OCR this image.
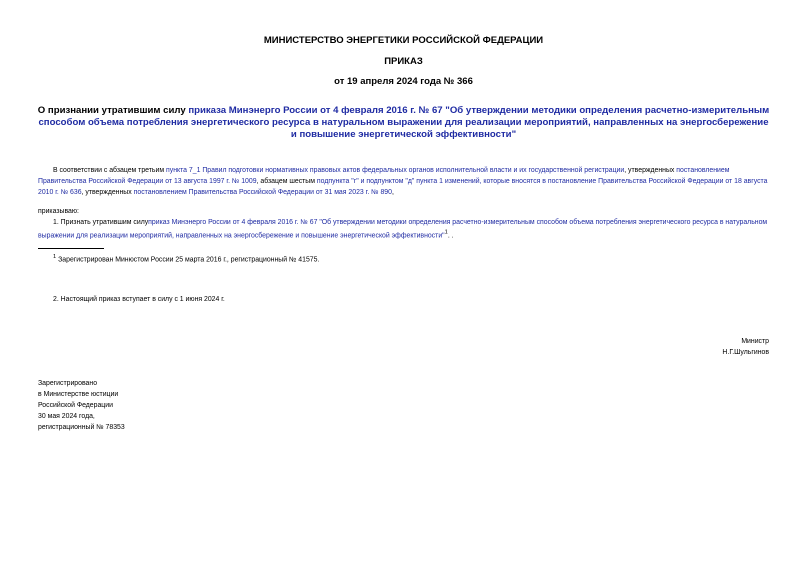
МИНИСТЕРСТВО ЭНЕРГЕТИКИ РОССИЙСКОЙ ФЕДЕРАЦИИ
ПРИКАЗ
от 19 апреля 2024 года № 366
О признании утратившим силу приказа Минэнерго России от 4 февраля 2016 г. № 67 "Об утверждении методики определения расчетно-измерительным способом объема потребления энергетического ресурса в натуральном выражении для реализации мероприятий, направленных на энергосбережение и повышение энергетической эффективности"
В соответствии с абзацем третьим пункта 7_1 Правил подготовки нормативных правовых актов федеральных органов исполнительной власти и их государственной регистрации, утвержденных постановлением Правительства Российской Федерации от 13 августа 1997 г. № 1009, абзацем шестым подпункта "г" и подпунктом "д" пункта 1 изменений, которые вносятся в постановление Правительства Российской Федерации от 18 августа 2010 г. № 636, утвержденных постановлением Правительства Российской Федерации от 31 мая 2023 г. № 890,
приказываю:
1. Признать утратившим силуприказ Минэнерго России от 4 февраля 2016 г. № 67 "Об утверждении методики определения расчетно-измерительным способом объема потребления энергетического ресурса в натуральном выражении для реализации мероприятий, направленных на энергосбережение и повышение энергетической эффективности"$^1$. .
$^1$ Зарегистрирован Минюстом России 25 марта 2016 г., регистрационный № 41575.
2. Настоящий приказ вступает в силу с 1 июня 2024 г.
Министр
Н.Г.Шульгинов
Зарегистрировано
в Министерстве юстиции
Российской Федерации
30 мая 2024 года,
регистрационный № 78353
